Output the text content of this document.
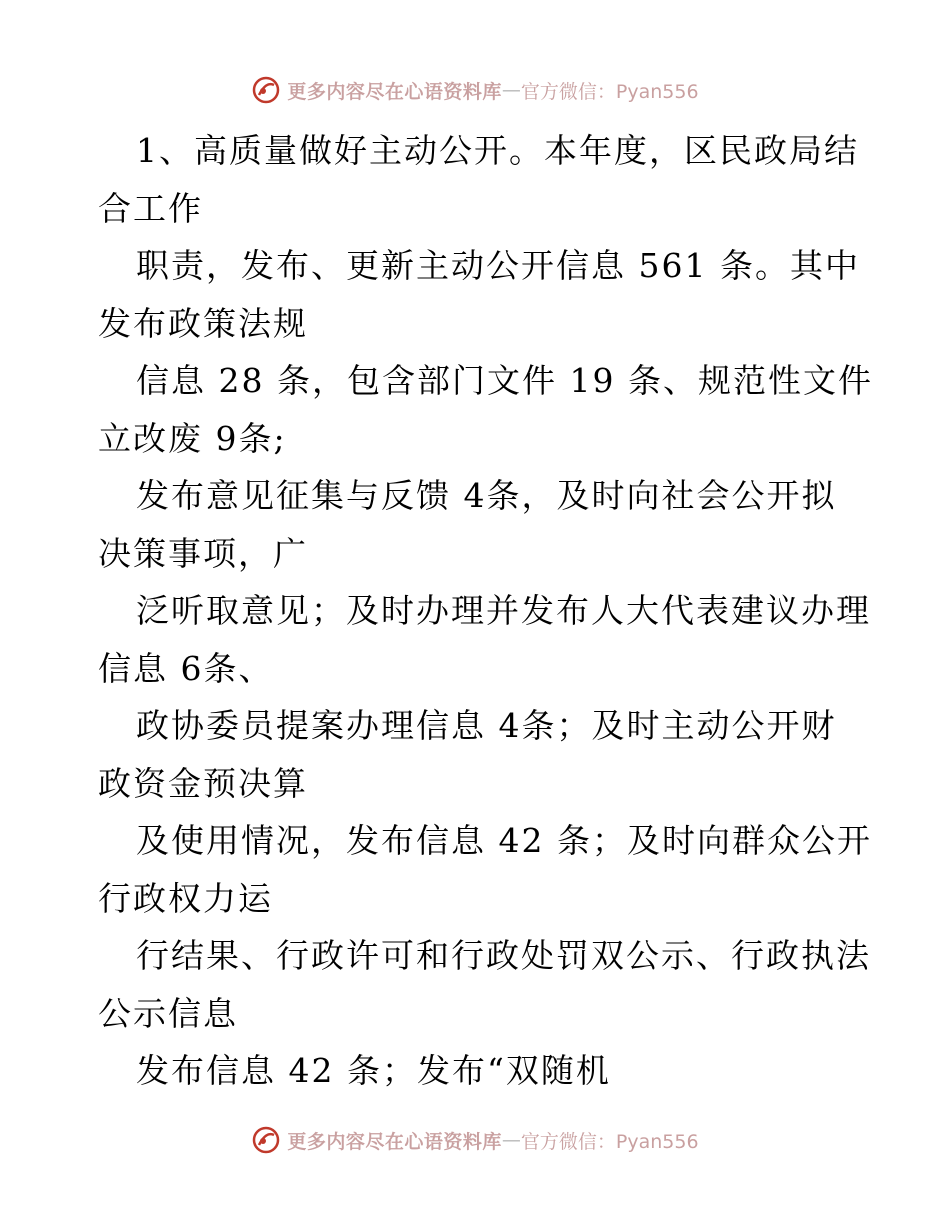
更多内容尽在心语资料库 — 官方微信：Pyan556
1、高质量做好主动公开。本年度，区民政局结
合工作
职责，发布、更新主动公开信息 561 条。其中
发布政策法规
信息 28 条，包含部门文件 19 条、规范性文件
立改废 9条;
发布意见征集与反馈 4条，及时向社会公开拟
决策事项，广
泛听取意见；及时办理并发布人大代表建议办理
信息 6条、
政协委员提案办理信息 4条；及时主动公开财
政资金预决算
及使用情况，发布信息 42 条；及时向群众公开
行政权力运
行结果、行政许可和行政处罚双公示、行政执法
公示信息
发布信息 42 条；发布“双随机
更多内容尽在心语资料库 — 官方微信：Pyan556
